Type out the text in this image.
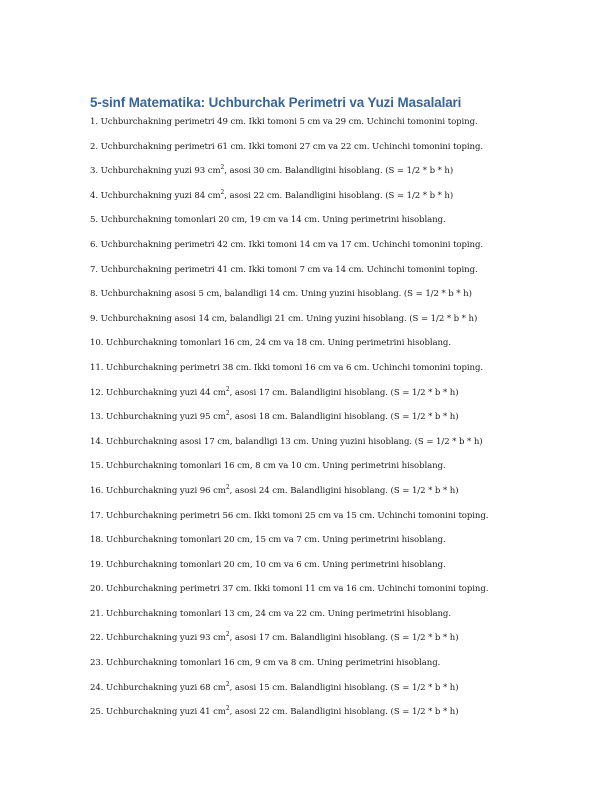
5-sinf Matematika: Uchburchak Perimetri va Yuzi Masalalari
1. Uchburchakning perimetri 49 cm. Ikki tomoni 5 cm va 29 cm. Uchinchi tomonini toping.
2. Uchburchakning perimetri 61 cm. Ikki tomoni 27 cm va 22 cm. Uchinchi tomonini toping.
3. Uchburchakning yuzi 93 $cm^2$, asosi 30 cm. Balandligini hisoblang. (S = 1/2 * b * h)
4. Uchburchakning yuzi 84 $cm^2$, asosi 22 cm. Balandligini hisoblang. (S = 1/2 * b * h)
5. Uchburchakning tomonlari 20 cm, 19 cm va 14 cm. Uning perimetrini hisoblang.
6. Uchburchakning perimetri 42 cm. Ikki tomoni 14 cm va 17 cm. Uchinchi tomonini toping.
7. Uchburchakning perimetri 41 cm. Ikki tomoni 7 cm va 14 cm. Uchinchi tomonini toping.
8. Uchburchakning asosi 5 cm, balandligi 14 cm. Uning yuzini hisoblang. (S = 1/2 * b * h)
9. Uchburchakning asosi 14 cm, balandligi 21 cm. Uning yuzini hisoblang. (S = 1/2 * b * h)
10. Uchburchakning tomonlari 16 cm, 24 cm va 18 cm. Uning perimetrini hisoblang.
11. Uchburchakning perimetri 38 cm. Ikki tomoni 16 cm va 6 cm. Uchinchi tomonini toping.
12. Uchburchakning yuzi 44 $cm^2$, asosi 17 cm. Balandligini hisoblang. (S = 1/2 * b * h)
13. Uchburchakning yuzi 95 $cm^2$, asosi 18 cm. Balandligini hisoblang. (S = 1/2 * b * h)
14. Uchburchakning asosi 17 cm, balandligi 13 cm. Uning yuzini hisoblang. (S = 1/2 * b * h)
15. Uchburchakning tomonlari 16 cm, 8 cm va 10 cm. Uning perimetrini hisoblang.
16. Uchburchakning yuzi 96 $cm^2$, asosi 24 cm. Balandligini hisoblang. (S = 1/2 * b * h)
17. Uchburchakning perimetri 56 cm. Ikki tomoni 25 cm va 15 cm. Uchinchi tomonini toping.
18. Uchburchakning tomonlari 20 cm, 15 cm va 7 cm. Uning perimetrini hisoblang.
19. Uchburchakning tomonlari 20 cm, 10 cm va 6 cm. Uning perimetrini hisoblang.
20. Uchburchakning perimetri 37 cm. Ikki tomoni 11 cm va 16 cm. Uchinchi tomonini toping.
21. Uchburchakning tomonlari 13 cm, 24 cm va 22 cm. Uning perimetrini hisoblang.
22. Uchburchakning yuzi 93 $cm^2$, asosi 17 cm. Balandligini hisoblang. (S = 1/2 * b * h)
23. Uchburchakning tomonlari 16 cm, 9 cm va 8 cm. Uning perimetrini hisoblang.
24. Uchburchakning yuzi 68 $cm^2$, asosi 15 cm. Balandligini hisoblang. (S = 1/2 * b * h)
25. Uchburchakning yuzi 41 $cm^2$, asosi 22 cm. Balandligini hisoblang. (S = 1/2 * b * h)
